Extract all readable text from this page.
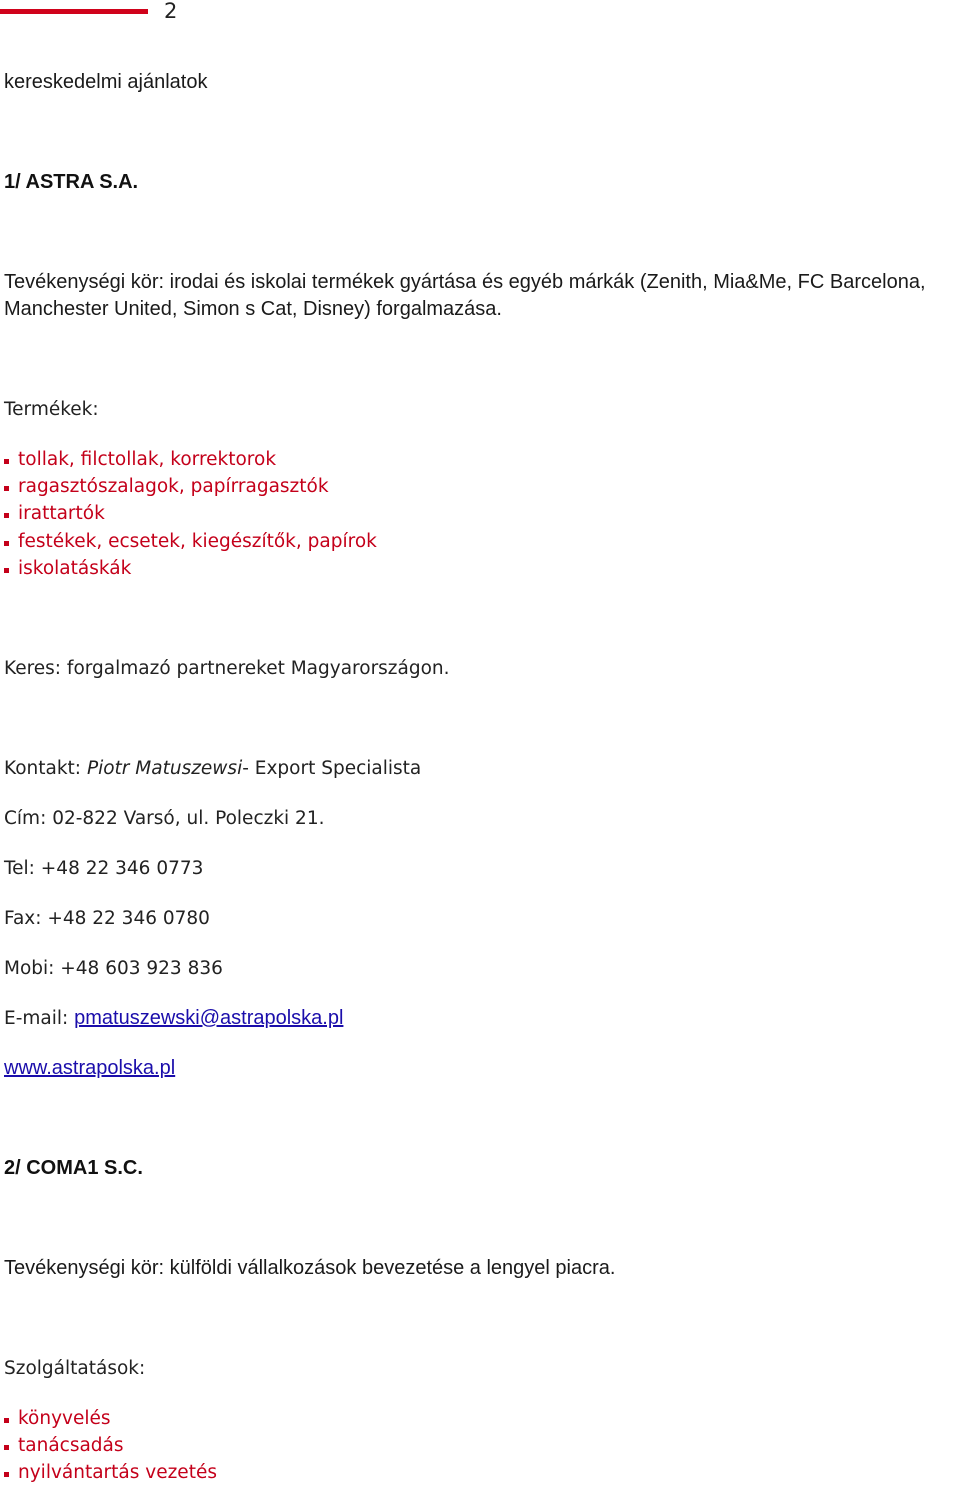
2
kereskedelmi ajánlatok
1/ ASTRA S.A.
Tevékenységi kör: irodai és iskolai termékek gyártása és egyéb márkák (Zenith, Mia&Me, FC Barcelona,
Manchester United, Simon s Cat, Disney) forgalmazása.
Termékek:
tollak, filctollak, korrektorok
ragasztószalagok, papírragasztók
irattartók
festékek, ecsetek, kiegészítők, papírok
iskolatáskák
Keres: forgalmazó partnereket Magyarországon.
Kontakt: Piotr Matuszewsi- Export Specialista
Cím: 02-822 Varsó, ul. Poleczki 21.
Tel: +48 22 346 0773
Fax: +48 22 346 0780
Mobi: +48 603 923 836
E-mail: pmatuszewski@astrapolska.pl
www.astrapolska.pl
2/ COMA1 S.C.
Tevékenységi kör: külföldi vállalkozások bevezetése a lengyel piacra.
Szolgáltatások:
könyvelés
tanácsadás
nyilvántartás vezetés
